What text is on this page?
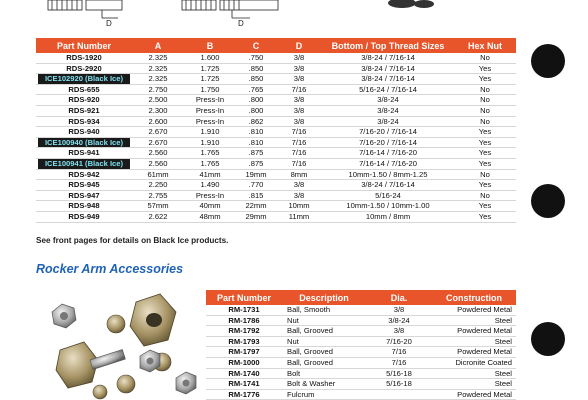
D	D
Part Number	A	B	C	D	Bottom / Top Thread Sizes	Hex Nut
RDS-1920	2.325	1.600	.750	3/8	3/8-24 / 7/16-14	No
RDS-2920	2.325	1.725	.850	3/8	3/8-24 / 7/16-14	Yes

ICE102920 (Black Ice)	2.325	1.725	.850	3/8	3/8-24 / 7/16-14	Yes
RDS-655	2.750	1.750	.765	7/16	5/16-24 / 7/16-14	No
RDS-920	2.500	Press-In	.800	3/8	3/8-24	No
RDS-921	2.300	Press-In	.800	3/8	3/8-24	No
RDS-934	2.600	Press-In	.862	3/8	3/8-24	No
RDS-940	2.670	1.910	.810	7/16	7/16-20 / 7/16-14	Yes

ICE100940 (Black Ice)	2.670	1.910	.810	7/16	7/16-20 / 7/16-14	Yes
RDS-941	2.560	1.765	.875	7/16	7/16-14 / 7/16-20	Yes

ICE100941 (Black Ice)	2.560	1.765	.875	7/16	7/16-14 / 7/16-20	Yes
RDS-942	61mm	41mm	19mm	8mm	10mm-1.50 / 8mm-1.25	No
RDS-945	2.250	1.490	.770	3/8	3/8-24 / 7/16-14	Yes
RDS-947	2.755	Press-In	.815	3/8	5/16-24	No
RDS-948	57mm	40mm	22mm	10mm	10mm-1.50 / 10mm-1.00	Yes
RDS-949	2.622	48mm	29mm	11mm	10mm / 8mm	Yes
See front pages for details on Black Ice products.
Rocker Arm Accessories
Part Number	Description	Dia.	Construction
RM-1731	Ball, Smooth	3/8	Powdered Metal
RM-1786	Nut	3/8-24	Steel
RM-1792	Ball, Grooved	3/8	Powdered Metal
RM-1793	Nut	7/16-20	Steel
RM-1797	Ball, Grooved	7/16	Powdered Metal
RM-1000	Ball, Grooved	7/16	Dicronite Coated
RM-1740	Bolt	5/16-18	Steel
RM-1741	Bolt & Washer	5/16-18	Steel
RM-1776	Fulcrum		Powdered Metal
